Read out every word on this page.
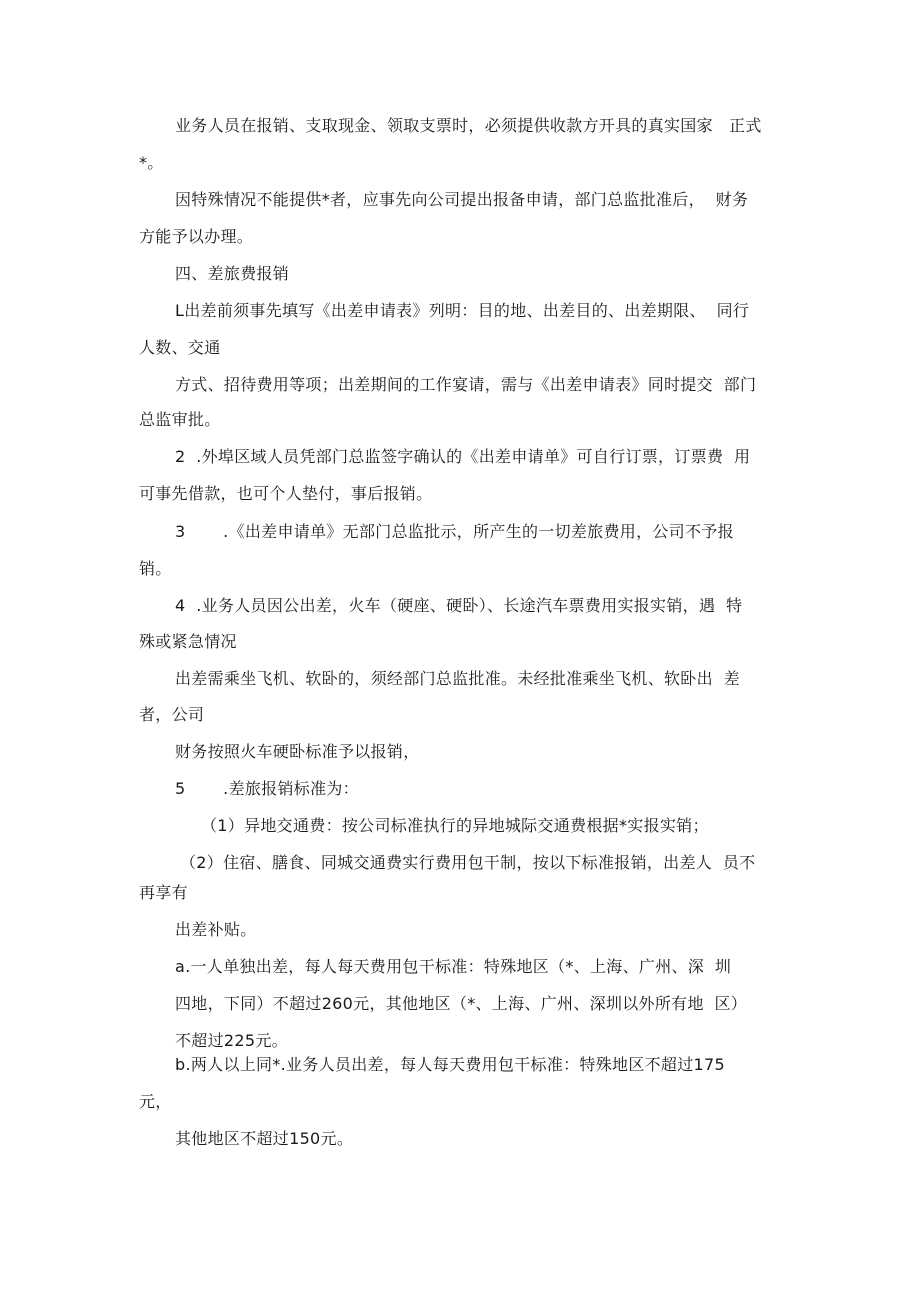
业务人员在报销、支取现金、领取支票时，必须提供收款方开具的真实国家   正式
*。
因特殊情况不能提供*者，应事先向公司提出报备申请，部门总监批准后，  财务
方能予以办理。
四、差旅费报销
L出差前须事先填写《出差申请表》列明：目的地、出差目的、出差期限、  同行
人数、交通
方式、招待费用等项；出差期间的工作宴请，需与《出差申请表》同时提交  部门
总监审批。
2  .外埠区域人员凭部门总监签字确认的《出差申请单》可自行订票，订票费  用
可事先借款，也可个人垫付，事后报销。
3       .《出差申请单》无部门总监批示，所产生的一切差旅费用，公司不予报
销。
4  .业务人员因公出差，火车（硬座、硬卧）、长途汽车票费用实报实销，遇  特
殊或紧急情况
出差需乘坐飞机、软卧的，须经部门总监批准。未经批准乘坐飞机、软卧出  差
者，公司
财务按照火车硬卧标准予以报销，
5       .差旅报销标准为：
（1）异地交通费：按公司标准执行的异地城际交通费根据*实报实销；
（2）住宿、膳食、同城交通费实行费用包干制，按以下标准报销，出差人  员不
再享有
出差补贴。
a.一人单独出差，每人每天费用包干标准：特殊地区（*、上海、广州、深  圳
四地，下同）不超过260元，其他地区（*、上海、广州、深圳以外所有地  区）
不超过225元。
b.两人以上同*.业务人员出差，每人每天费用包干标准：特殊地区不超过175
元，
其他地区不超过150元。
